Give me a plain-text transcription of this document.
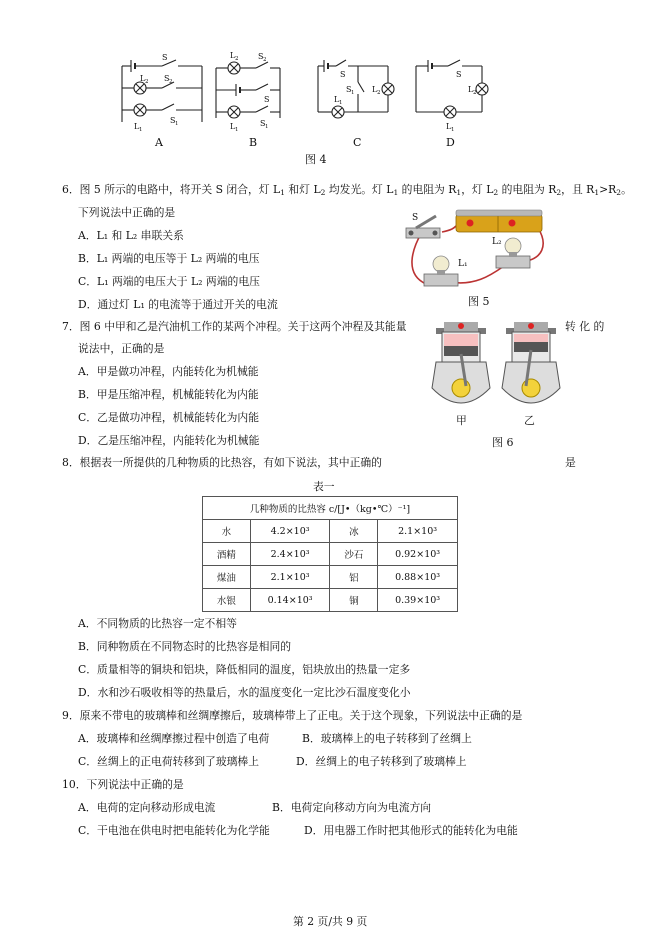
S
L 2 S 2
L 1
S 1
L 2 S 2
S
L 1
S 1
S
S 1 L 2
L 1
S
L 2
L 1
A	B	C	D
图 4
6．图 5 所示的电路中，将开关 S 闭合，灯 $L_1$ 和灯 $L_2$ 均发光。灯 $L_1$ 的电阻为 $R_1$，灯 $L_2$ 的电阻为 $R_2$，且 $R_1>R_2$。
下列说法中正确的是
A．L₁ 和 L₂ 串联关系
B．L₁ 两端的电压等于 L₂ 两端的电压
C．L₁ 两端的电压大于 L₂ 两端的电压
D．通过灯 L₁ 的电流等于通过开关的电流
S
L₁
L₂
图 5
7．图 6 中甲和乙是汽油机工作的某两个冲程。关于这两个冲程及其能量	转 化 的
说法中，正确的是
A．甲是做功冲程，内能转化为机械能
B．甲是压缩冲程，机械能转化为内能
C．乙是做功冲程，机械能转化为内能
D．乙是压缩冲程，内能转化为机械能
甲	乙
图 6
8．根据表一所提供的几种物质的比热容，有如下说法，其中正确的	是
表一
几种物质的比热容 c/[J•（kg•℃）⁻¹]			
水	4.2×10³	冰	2.1×10³
酒精	2.4×10³	沙石	0.92×10³
煤油	2.1×10³	铝	0.88×10³
水银	0.14×10³	铜	0.39×10³
A．不同物质的比热容一定不相等
B．同种物质在不同物态时的比热容是相同的
C．质量相等的铜块和铝块，降低相同的温度，铝块放出的热量一定多
D．水和沙石吸收相等的热量后，水的温度变化一定比沙石温度变化小
9．原来不带电的玻璃棒和丝绸摩擦后，玻璃棒带上了正电。关于这个现象，下列说法中正确的是
A．玻璃棒和丝绸摩擦过程中创造了电荷	B．玻璃棒上的电子转移到了丝绸上
C．丝绸上的正电荷转移到了玻璃棒上	D．丝绸上的电子转移到了玻璃棒上
10．下列说法中正确的是
A．电荷的定向移动形成电流	B．电荷定向移动方向为电流方向
C．干电池在供电时把电能转化为化学能	D．用电器工作时把其他形式的能转化为电能
第 2 页/共 9 页
